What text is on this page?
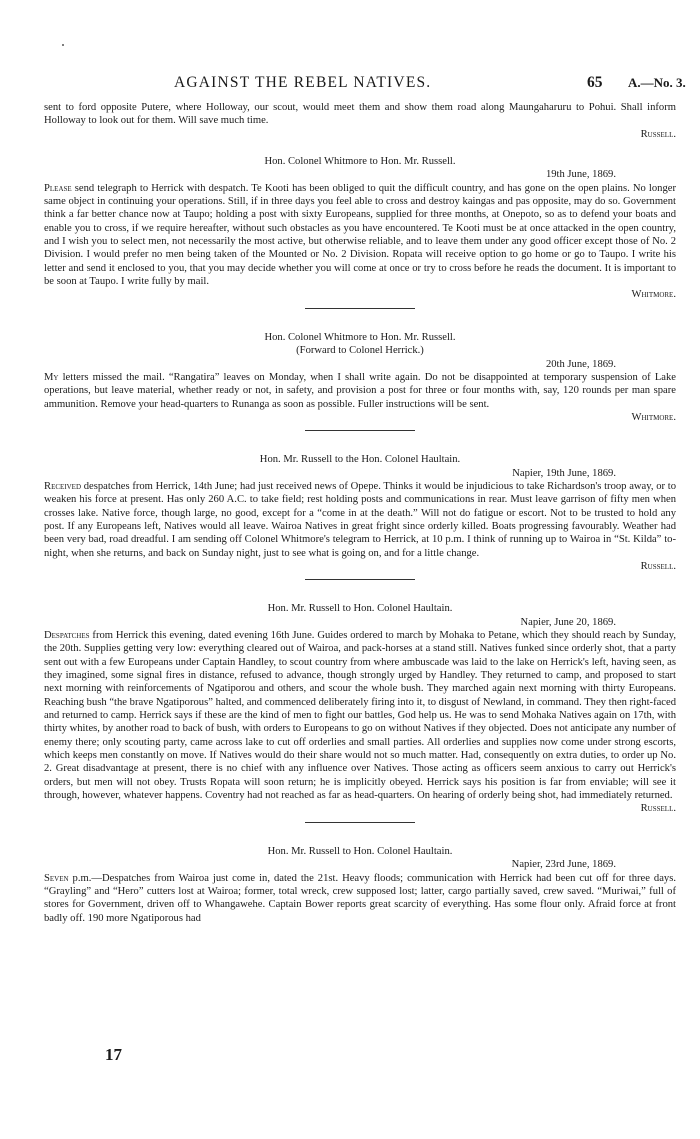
AGAINST THE REBEL NATIVES.	65 A.—No. 3.

sent to ford opposite Putere, where Holloway, our scout, would meet them and show them road along Maungaharuru to Pohui. Shall inform Holloway to look out for them. Will save much time.

Russell.

Hon. Colonel Whitmore to Hon. Mr. Russell.

19th June, 1869.

Please send telegraph to Herrick with despatch. Te Kooti has been obliged to quit the difficult country, and has gone on the open plains. No longer same object in continuing your operations. Still, if in three days you feel able to cross and destroy kaingas and pas opposite, may do so. Government think a far better chance now at Taupo; holding a post with sixty Europeans, supplied for three months, at Onepoto, so as to defend your boats and enable you to cross, if we require hereafter, without such obstacles as you have encountered. Te Kooti must be at once attacked in the open country, and I wish you to select men, not necessarily the most active, but otherwise reliable, and to leave them under any good officer except those of No. 2 Division. I would prefer no men being taken of the Mounted or No. 2 Division. Ropata will receive option to go home or go to Taupo. I write his letter and send it enclosed to you, that you may decide whether you will come at once or try to cross before he reads the document. It is important to be soon at Taupo. I write fully by mail.

Whitmore.

Hon. Colonel Whitmore to Hon. Mr. Russell.

(Forward to Colonel Herrick.)

20th June, 1869.

My letters missed the mail. “Rangatira” leaves on Monday, when I shall write again. Do not be disappointed at temporary suspension of Lake operations, but leave material, whether ready or not, in safety, and provision a post for three or four months with, say, 120 rounds per man spare ammunition. Remove your head-quarters to Runanga as soon as possible. Fuller instructions will be sent.

Whitmore.

Hon. Mr. Russell to the Hon. Colonel Haultain.

Napier, 19th June, 1869.

Received despatches from Herrick, 14th June; had just received news of Opepe. Thinks it would be injudicious to take Richardson's troop away, or to weaken his force at present. Has only 260 A.C. to take field; rest holding posts and communications in rear. Must leave garrison of fifty men when crosses lake. Native force, though large, no good, except for a “come in at the death.” Will not do fatigue or escort. Not to be trusted to hold any post. If any Europeans left, Natives would all leave. Wairoa Natives in great fright since orderly killed. Boats progressing favourably. Weather had been very bad, road dreadful. I am sending off Colonel Whitmore's telegram to Herrick, at 10 p.m. I think of running up to Wairoa in “St. Kilda” to-night, when she returns, and back on Sunday night, just to see what is going on, and for a little change.

Russell.

Hon. Mr. Russell to Hon. Colonel Haultain.

Napier, June 20, 1869.

Despatches from Herrick this evening, dated evening 16th June. Guides ordered to march by Mohaka to Petane, which they should reach by Sunday, the 20th. Supplies getting very low: everything cleared out of Wairoa, and pack-horses at a stand still. Natives funked since orderly shot, that a party sent out with a few Europeans under Captain Handley, to scout country from where ambuscade was laid to the lake on Herrick's left, having seen, as they imagined, some signal fires in distance, refused to advance, though strongly urged by Handley. They returned to camp, and proposed to start next morning with reinforcements of Ngatiporou and others, and scour the whole bush. They marched again next morning with thirty Europeans. Reaching bush “the brave Ngatiporous” halted, and commenced deliberately firing into it, to disgust of Newland, in command. They then right-faced and returned to camp. Herrick says if these are the kind of men to fight our battles, God help us. He was to send Mohaka Natives again on 17th, with thirty whites, by another road to back of bush, with orders to Europeans to go on without Natives if they objected. Does not anticipate any number of enemy there; only scouting party, came across lake to cut off orderlies and small parties. All orderlies and supplies now come under strong escorts, which keeps men constantly on move. If Natives would do their share would not so much matter. Had, consequently on extra duties, to order up No. 2. Great disadvantage at present, there is no chief with any influence over Natives. Those acting as officers seem anxious to carry out Herrick's orders, but men will not obey. Trusts Ropata will soon return; he is implicitly obeyed. Herrick says his position is far from enviable; will see it through, however, whatever happens. Coventry had not reached as far as head-quarters. On hearing of orderly being shot, had immediately returned.

Russell.

Hon. Mr. Russell to Hon. Colonel Haultain.

Napier, 23rd June, 1869.

Seven p.m.—Despatches from Wairoa just come in, dated the 21st. Heavy floods; communication with Herrick had been cut off for three days. “Grayling” and “Hero” cutters lost at Wairoa; former, total wreck, crew supposed lost; latter, cargo partially saved, crew saved. “Muriwai,” full of stores for Government, driven off to Whangawehe. Captain Bower reports great scarcity of everything. Has some flour only. Afraid force at front badly off. 190 more Ngatiporous had

17
